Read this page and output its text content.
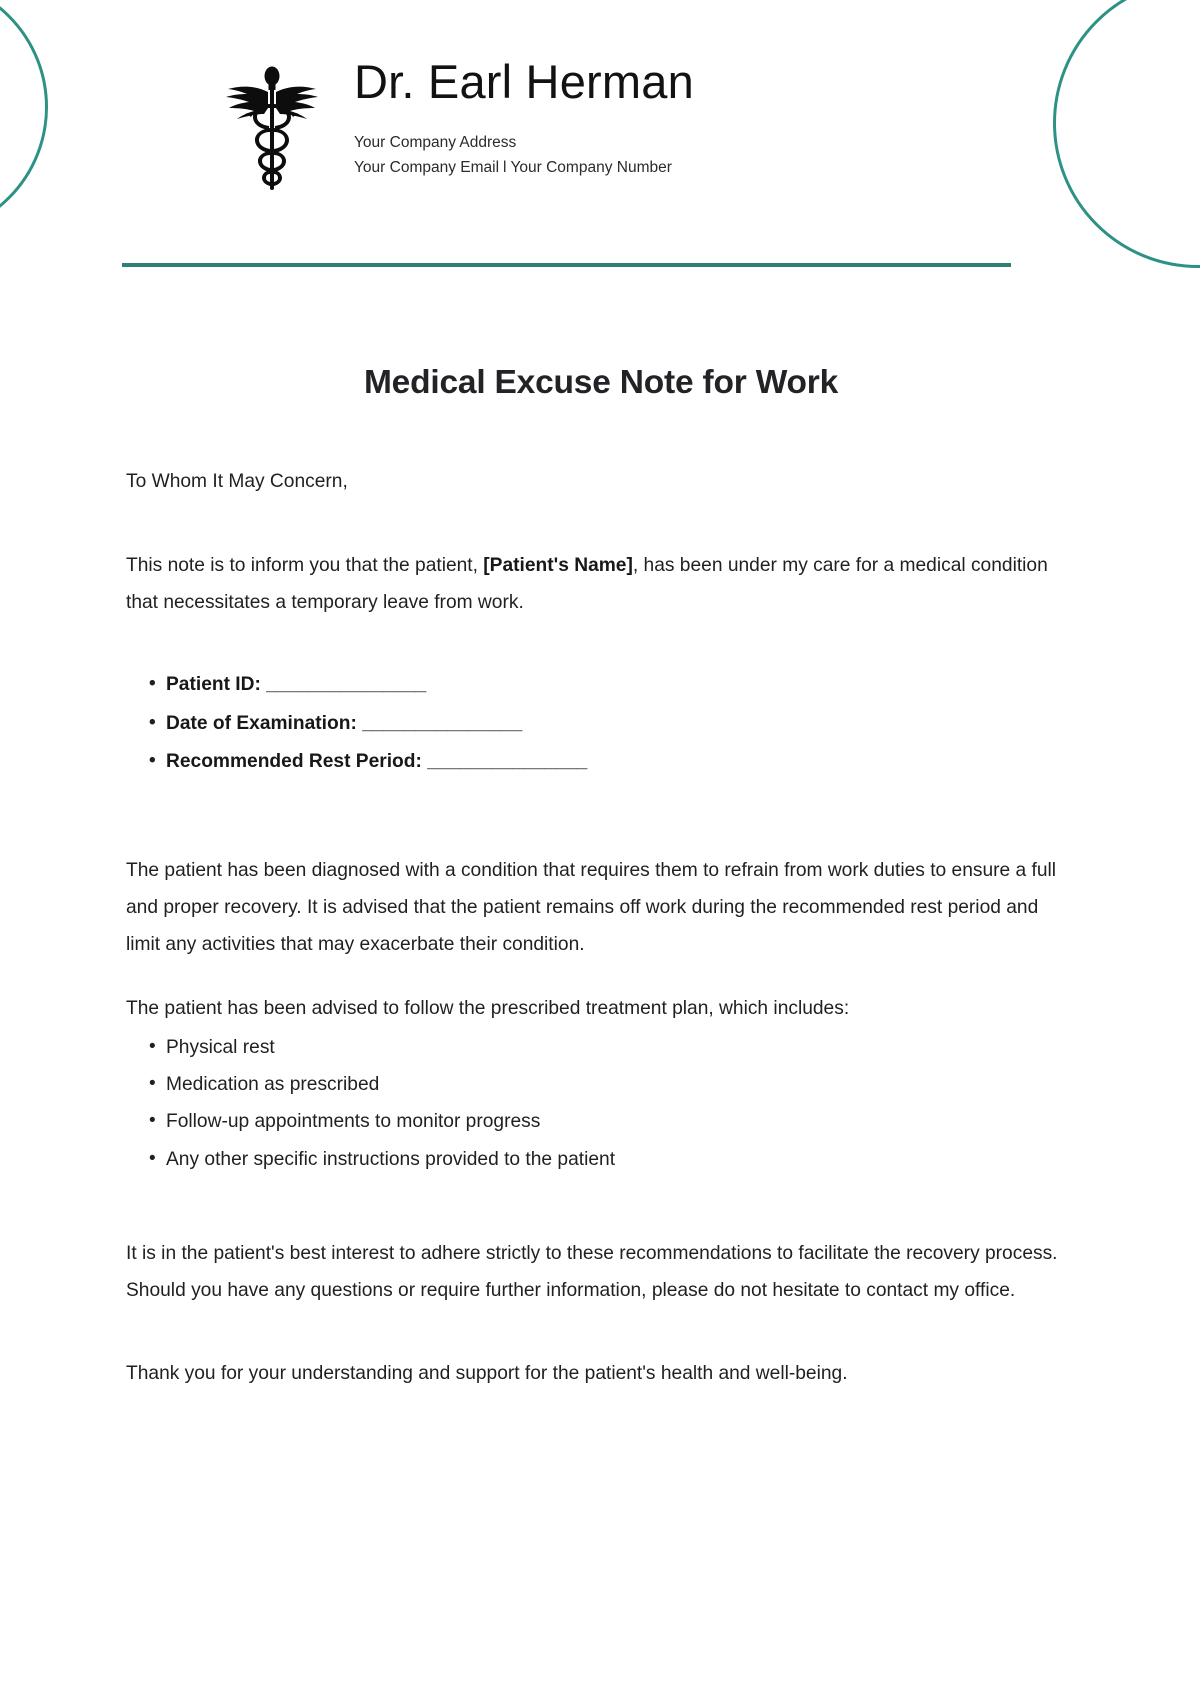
Dr. Earl Herman
Your Company Address
Your Company Email l Your Company Number
Medical Excuse Note for Work

To Whom It May Concern,

This note is to inform you that the patient, [Patient's Name], has been under my care for a medical condition that necessitates a temporary leave from work.

• Patient ID: _______________
• Date of Examination: _______________
• Recommended Rest Period: _______________

The patient has been diagnosed with a condition that requires them to refrain from work duties to ensure a full and proper recovery. It is advised that the patient remains off work during the recommended rest period and limit any activities that may exacerbate their condition.

The patient has been advised to follow the prescribed treatment plan, which includes:

• Physical rest
• Medication as prescribed
• Follow-up appointments to monitor progress
• Any other specific instructions provided to the patient

It is in the patient's best interest to adhere strictly to these recommendations to facilitate the recovery process. Should you have any questions or require further information, please do not hesitate to contact my office.

Thank you for your understanding and support for the patient's health and well-being.
